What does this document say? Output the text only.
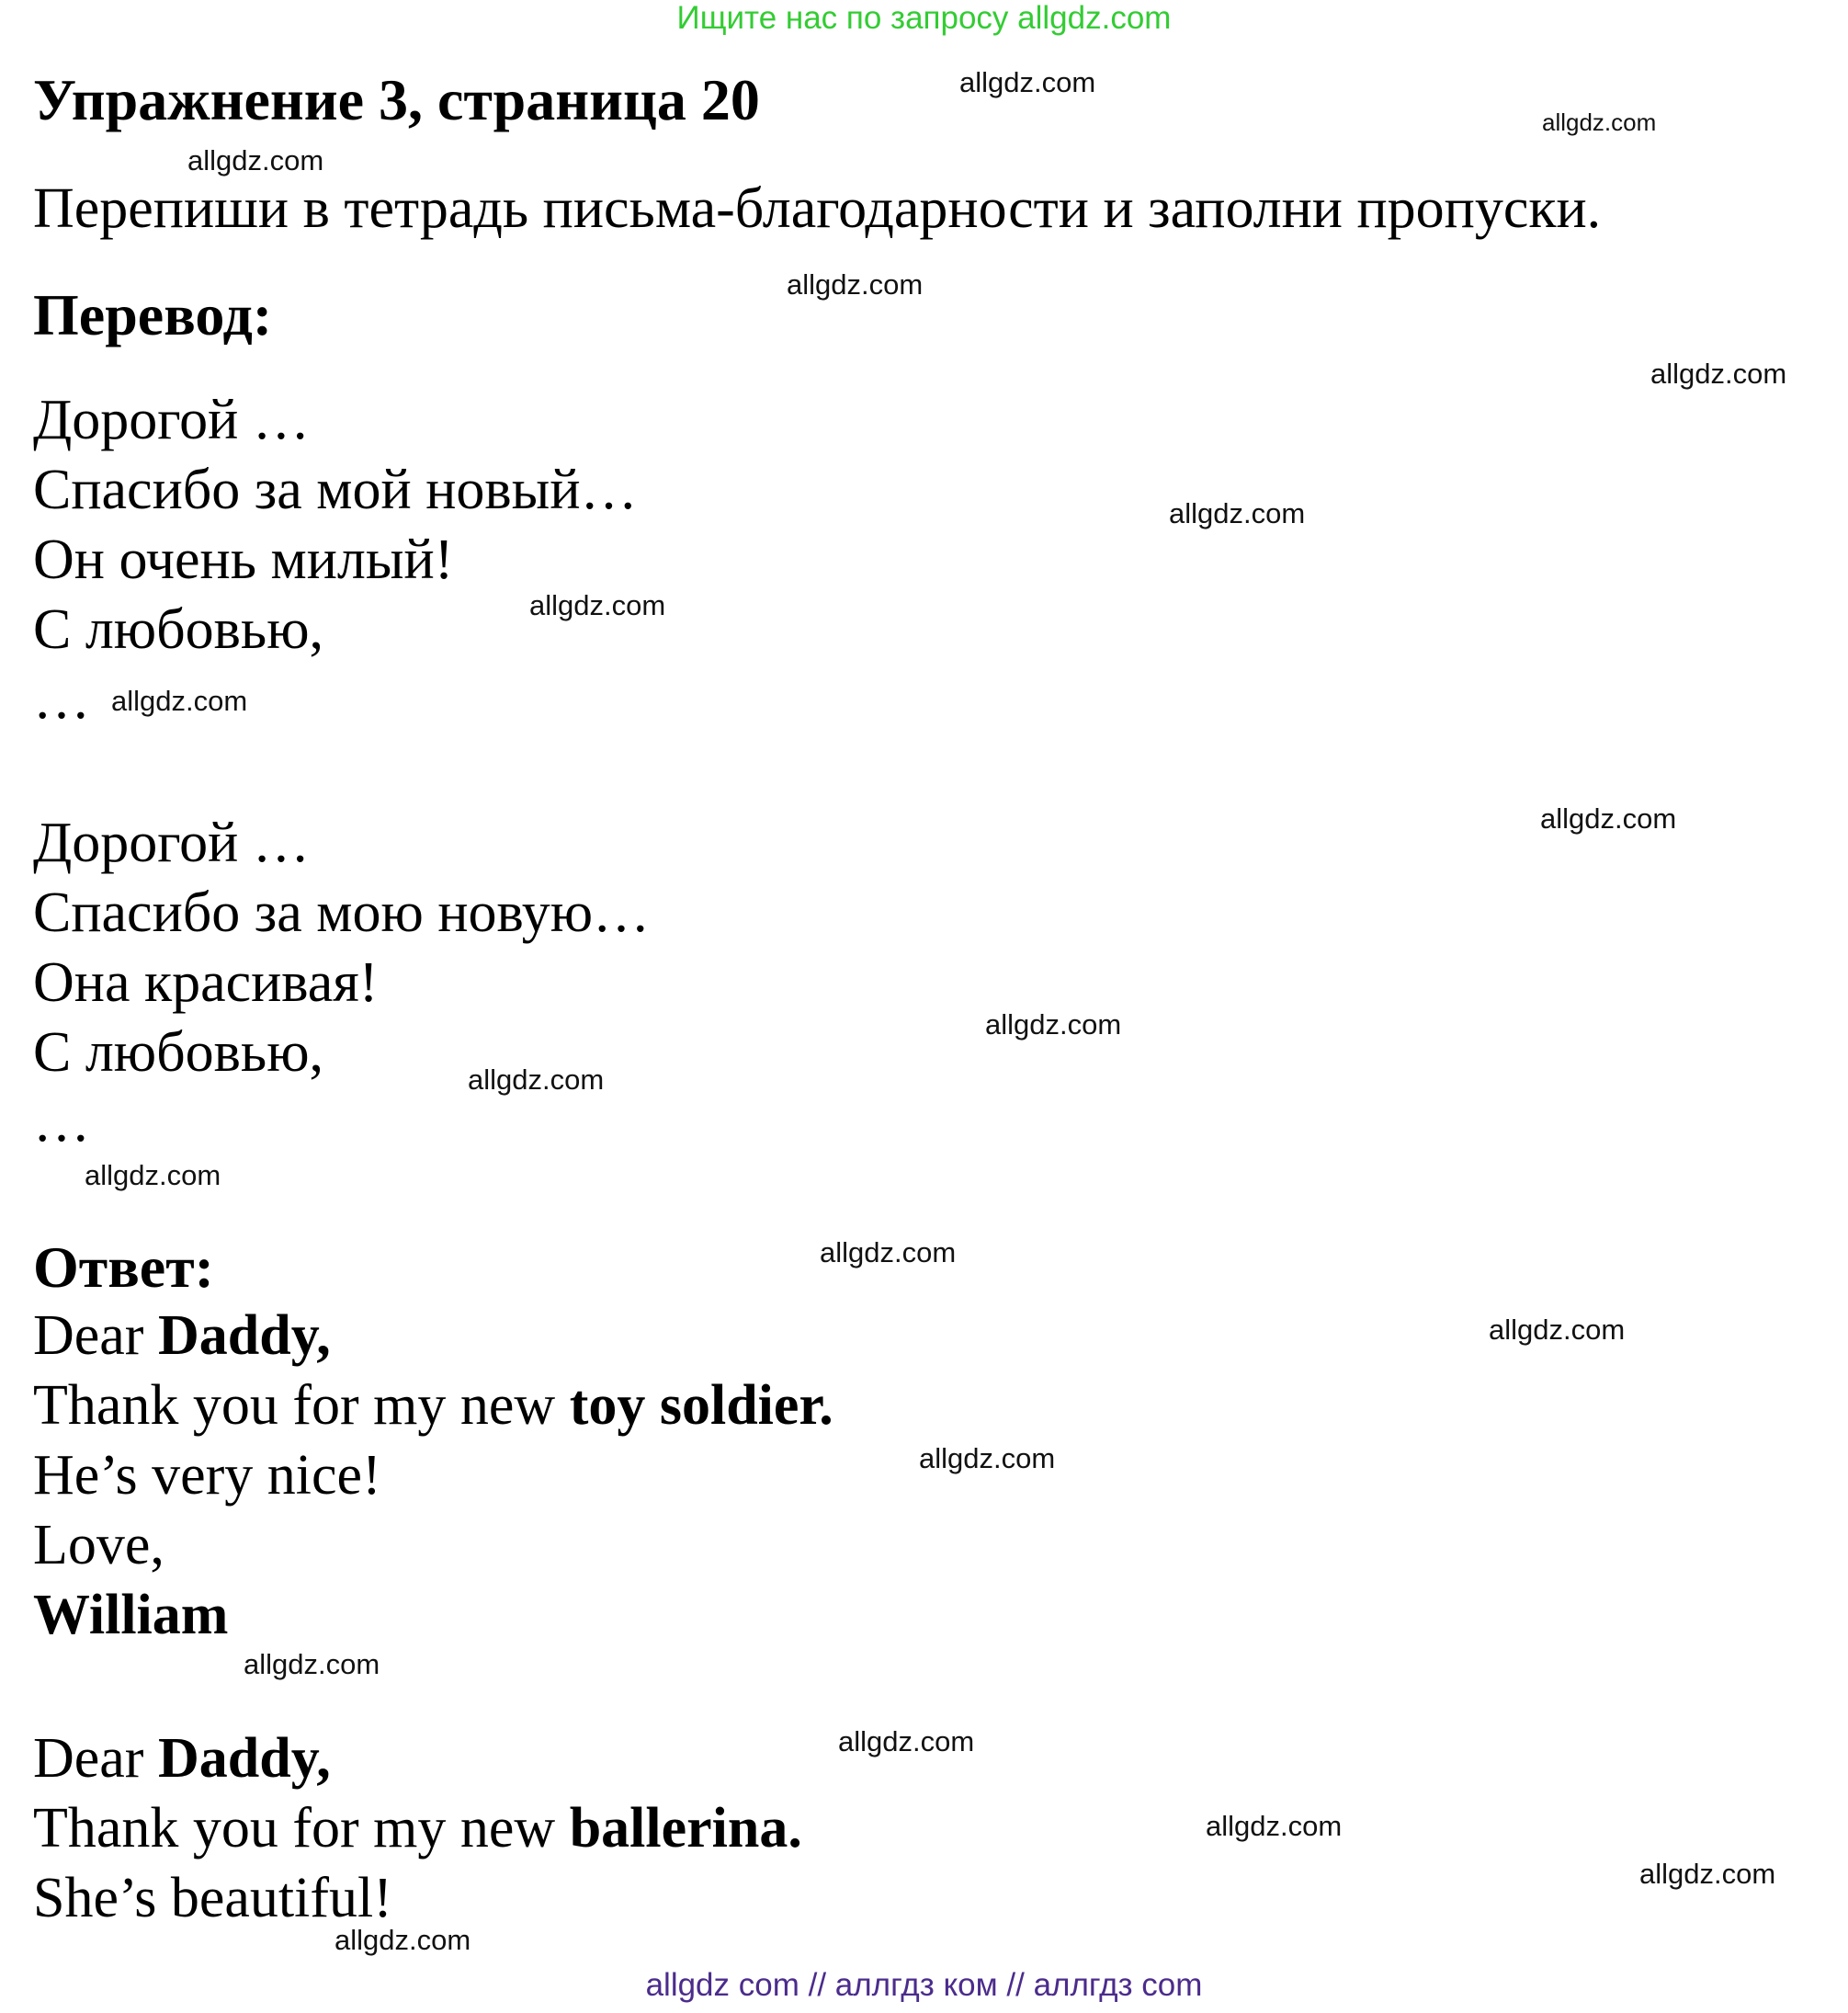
Ищите нас по запросу allgdz.com
allgdz com // аллгдз ком // аллгдз com
Упражнение 3, страница 20
Перепиши в тетрадь письма-благодарности и заполни пропуски.
Перевод:
Дорогой …
Спасибо за мой новый…
Он очень милый!
С любовью,
…
Дорогой …
Спасибо за мою новую…
Она красивая!
С любовью,
…
Ответ:
Dear Daddy,
Thank you for my new toy soldier.
He’s very nice!
Love,
William
Dear Daddy,
Thank you for my new ballerina.
She’s beautiful!
allgdz.com
allgdz.com
allgdz.com
allgdz.com
allgdz.com
allgdz.com
allgdz.com
allgdz.com
allgdz.com
allgdz.com
allgdz.com
allgdz.com
allgdz.com
allgdz.com
allgdz.com
allgdz.com
allgdz.com
allgdz.com
allgdz.com
allgdz.com
